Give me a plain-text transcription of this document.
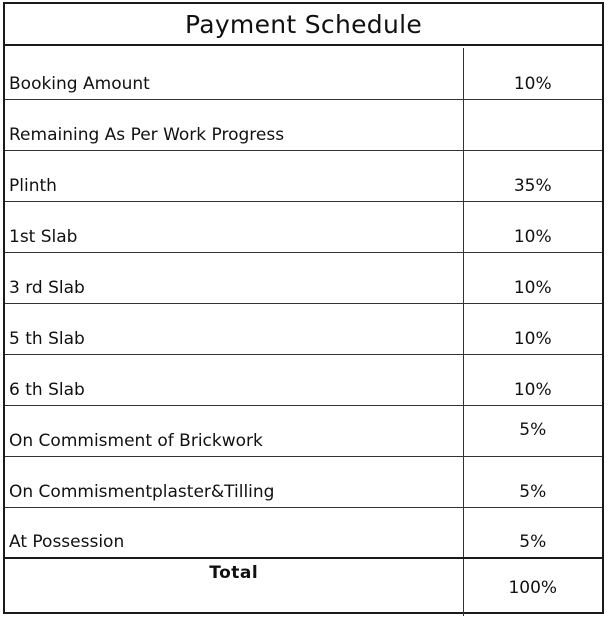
Payment Schedule
Booking Amount	10%
Remaining As Per Work Progress	
Plinth	35%
1st Slab	10%
3 rd Slab	10%
5 th Slab	10%
6 th Slab	10%
On Commisment of Brickwork	5%
On Commismentplaster&Tilling	5%
At Possession	5%
Total	100%
